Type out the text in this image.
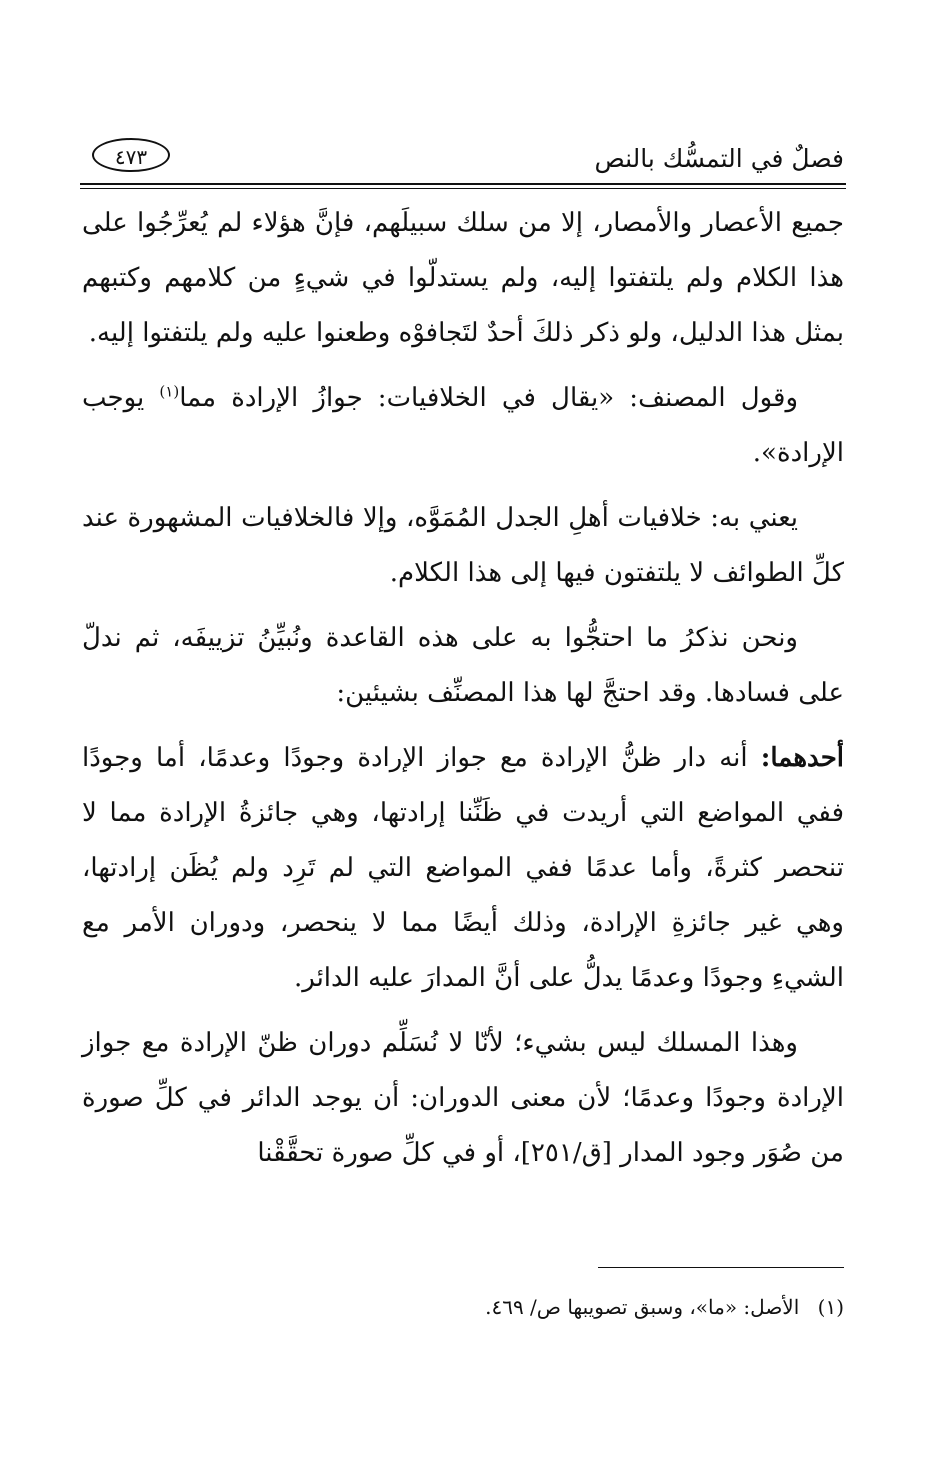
فصلٌ في التمسُّك بالنص
٤٧٣

جميع الأعصار والأمصار، إلا من سلك سبيلَهم، فإنَّ هؤلاء لم يُعرِّجُوا على هذا الكلام ولم يلتفتوا إليه، ولم يستدلّوا في شيءٍ من كلامهم وكتبهم بمثل هذا الدليل، ولو ذكر ذلكَ أحدٌ لتَجافوْه وطعنوا عليه ولم يلتفتوا إليه.

وقول المصنف: «يقال في الخلافيات: جوازُ الإرادة مما$^{(١)}$ يوجب الإرادة».

يعني به: خلافيات أهلِ الجدل المُمَوَّه، وإلا فالخلافيات المشهورة عند كلِّ الطوائف لا يلتفتون فيها إلى هذا الكلام.

ونحن نذكرُ ما احتجُّوا به على هذه القاعدة ونُبيِّنُ تزييفَه، ثم ندلّ على فسادها. وقد احتجَّ لها هذا المصنِّف بشيئين:

أحدهما: أنه دار ظنُّ الإرادة مع جواز الإرادة وجودًا وعدمًا، أما وجودًا ففي المواضع التي أريدت في ظَنِّنا إرادتها، وهي جائزةُ الإرادة مما لا تنحصر كثرةً، وأما عدمًا ففي المواضع التي لم تَرِد ولم يُظَن إرادتها، وهي غير جائزةِ الإرادة، وذلك أيضًا مما لا ينحصر، ودوران الأمر مع الشيءِ وجودًا وعدمًا يدلُّ على أنَّ المدارَ عليه الدائر.

وهذا المسلك ليس بشيء؛ لأنّا لا نُسَلِّم دوران ظنّ الإرادة مع جواز الإرادة وجودًا وعدمًا؛ لأن معنى الدوران: أن يوجد الدائر في كلِّ صورة من صُوَر وجود المدار [ق/٢٥١]، أو في كلِّ صورة تحقَّقْنا

(١) الأصل: «ما»، وسبق تصويبها ص/ ٤٦٩.
